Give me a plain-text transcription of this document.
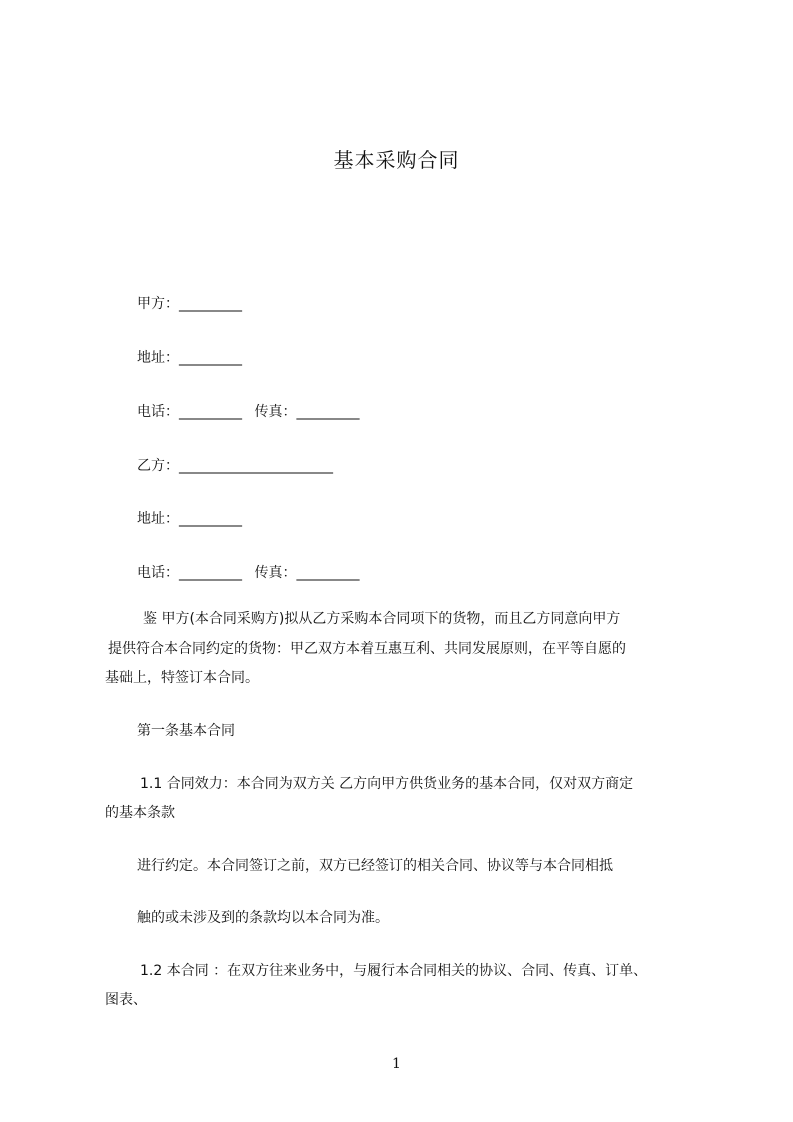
基本采购合同
甲方：_________
地址：_________
电话：_________ 传真：_________
乙方：______________________
地址：_________
电话：_________ 传真：_________
鉴 甲方(本合同采购方)拟从乙方采购本合同项下的货物，而且乙方同意向甲方
提供符合本合同约定的货物：甲乙双方本着互惠互利、共同发展原则，在平等自愿的
基础上，特签订本合同。
第一条基本合同
1.1 合同效力：本合同为双方关 乙方向甲方供货业务的基本合同，仅对双方商定
的基本条款
进行约定。本合同签订之前，双方已经签订的相关合同、协议等与本合同相抵
触的或未涉及到的条款均以本合同为准。
1.2 本合同 ：在双方往来业务中，与履行本合同相关的协议、合同、传真、订单、
图表、
1
